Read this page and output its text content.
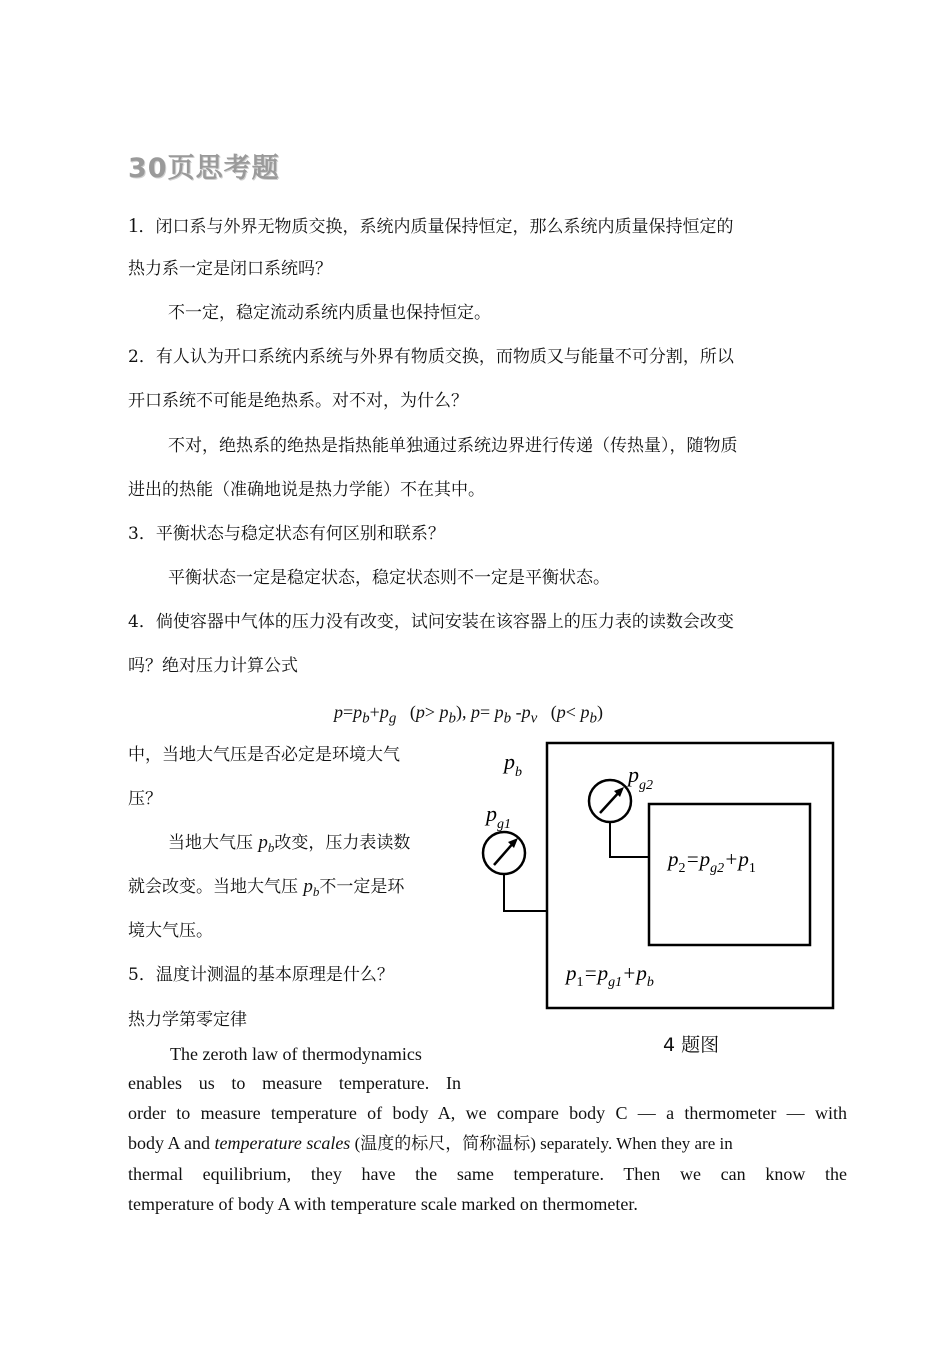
30页思考题
1．闭口系与外界无物质交换，系统内质量保持恒定，那么系统内质量保持恒定的
热力系一定是闭口系统吗？
不一定，稳定流动系统内质量也保持恒定。
2．有人认为开口系统内系统与外界有物质交换，而物质又与能量不可分割，所以
开口系统不可能是绝热系。对不对，为什么？
不对，绝热系的绝热是指热能单独通过系统边界进行传递（传热量），随物质
进出的热能（准确地说是热力学能）不在其中。
3．平衡状态与稳定状态有何区别和联系？
平衡状态一定是稳定状态，稳定状态则不一定是平衡状态。
4．倘使容器中气体的压力没有改变，试问安装在该容器上的压力表的读数会改变
吗？绝对压力计算公式
$p=p_b+p_g$ $(p> p_b)$, $p= p_b$ $-p_v$ $(p< p_b)$
中，当地大气压是否必定是环境大气
压？
当地大气压 $p_b$改变，压力表读数
就会改变。当地大气压 $p_b$不一定是环
境大气压。
$p_b$
$p_{g1}$
$p_{g2}$
$p_2=p_{g2}+p_1$
$p_1=p_{g1}+p_b$
4 题图
5．温度计测温的基本原理是什么？
热力学第零定律
The zeroth law of thermodynamics
enables us to measure temperature. In
order to measure temperature of body A, we compare body C — a thermometer — with
body A and temperature scales (温度的标尺，简称温标) separately. When they are in
thermal equilibrium, they have the same temperature. Then we can know the
temperature of body A with temperature scale marked on thermometer.
